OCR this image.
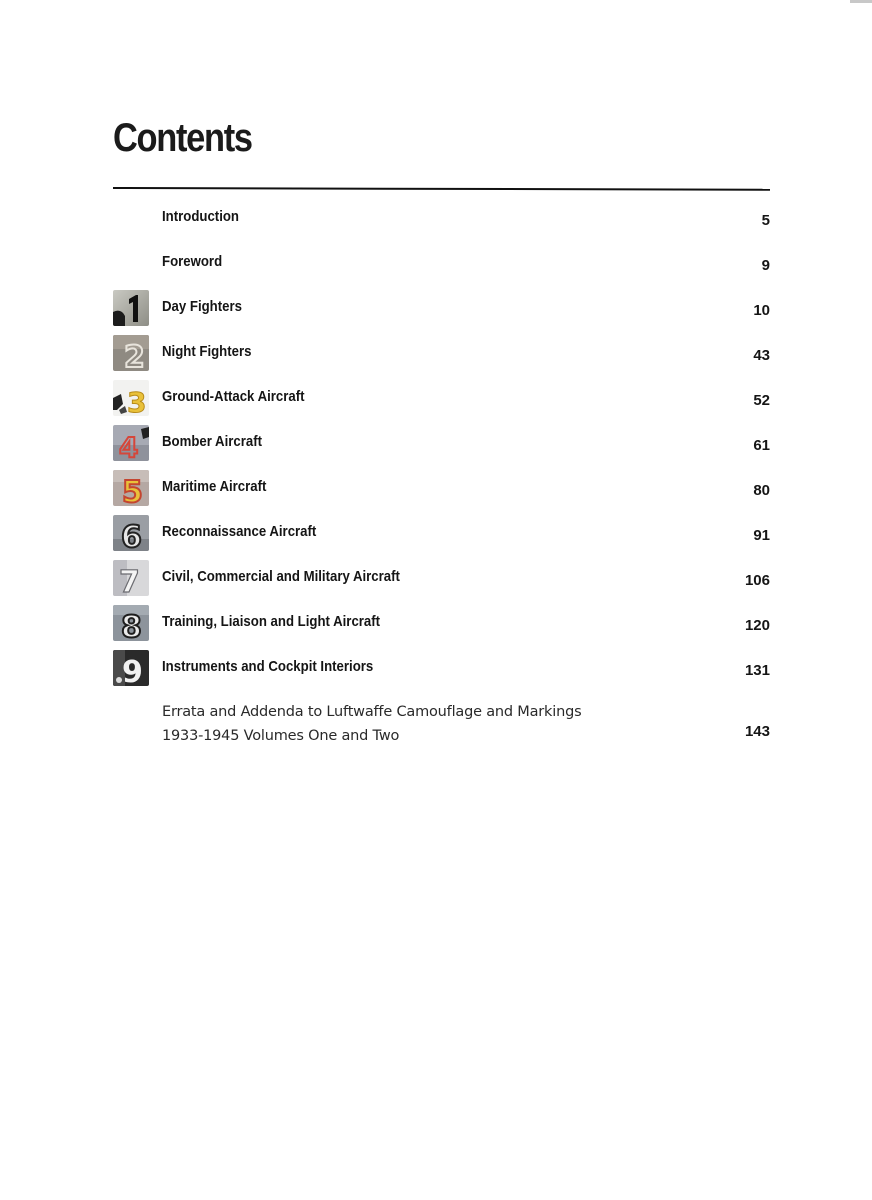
Contents
Introduction	5
Foreword	9
Day Fighters	10
2 Night Fighters	43
3 Ground-Attack Aircraft	52
4 Bomber Aircraft	61
5 Maritime Aircraft	80
6 Reconnaissance Aircraft	91
7 Civil, Commercial and Military Aircraft	106
8 Training, Liaison and Light Aircraft	120
9 Instruments and Cockpit Interiors	131
Errata and Addenda to Luftwaffe Camouflage and Markings
1933-1945 Volumes One and Two	143
